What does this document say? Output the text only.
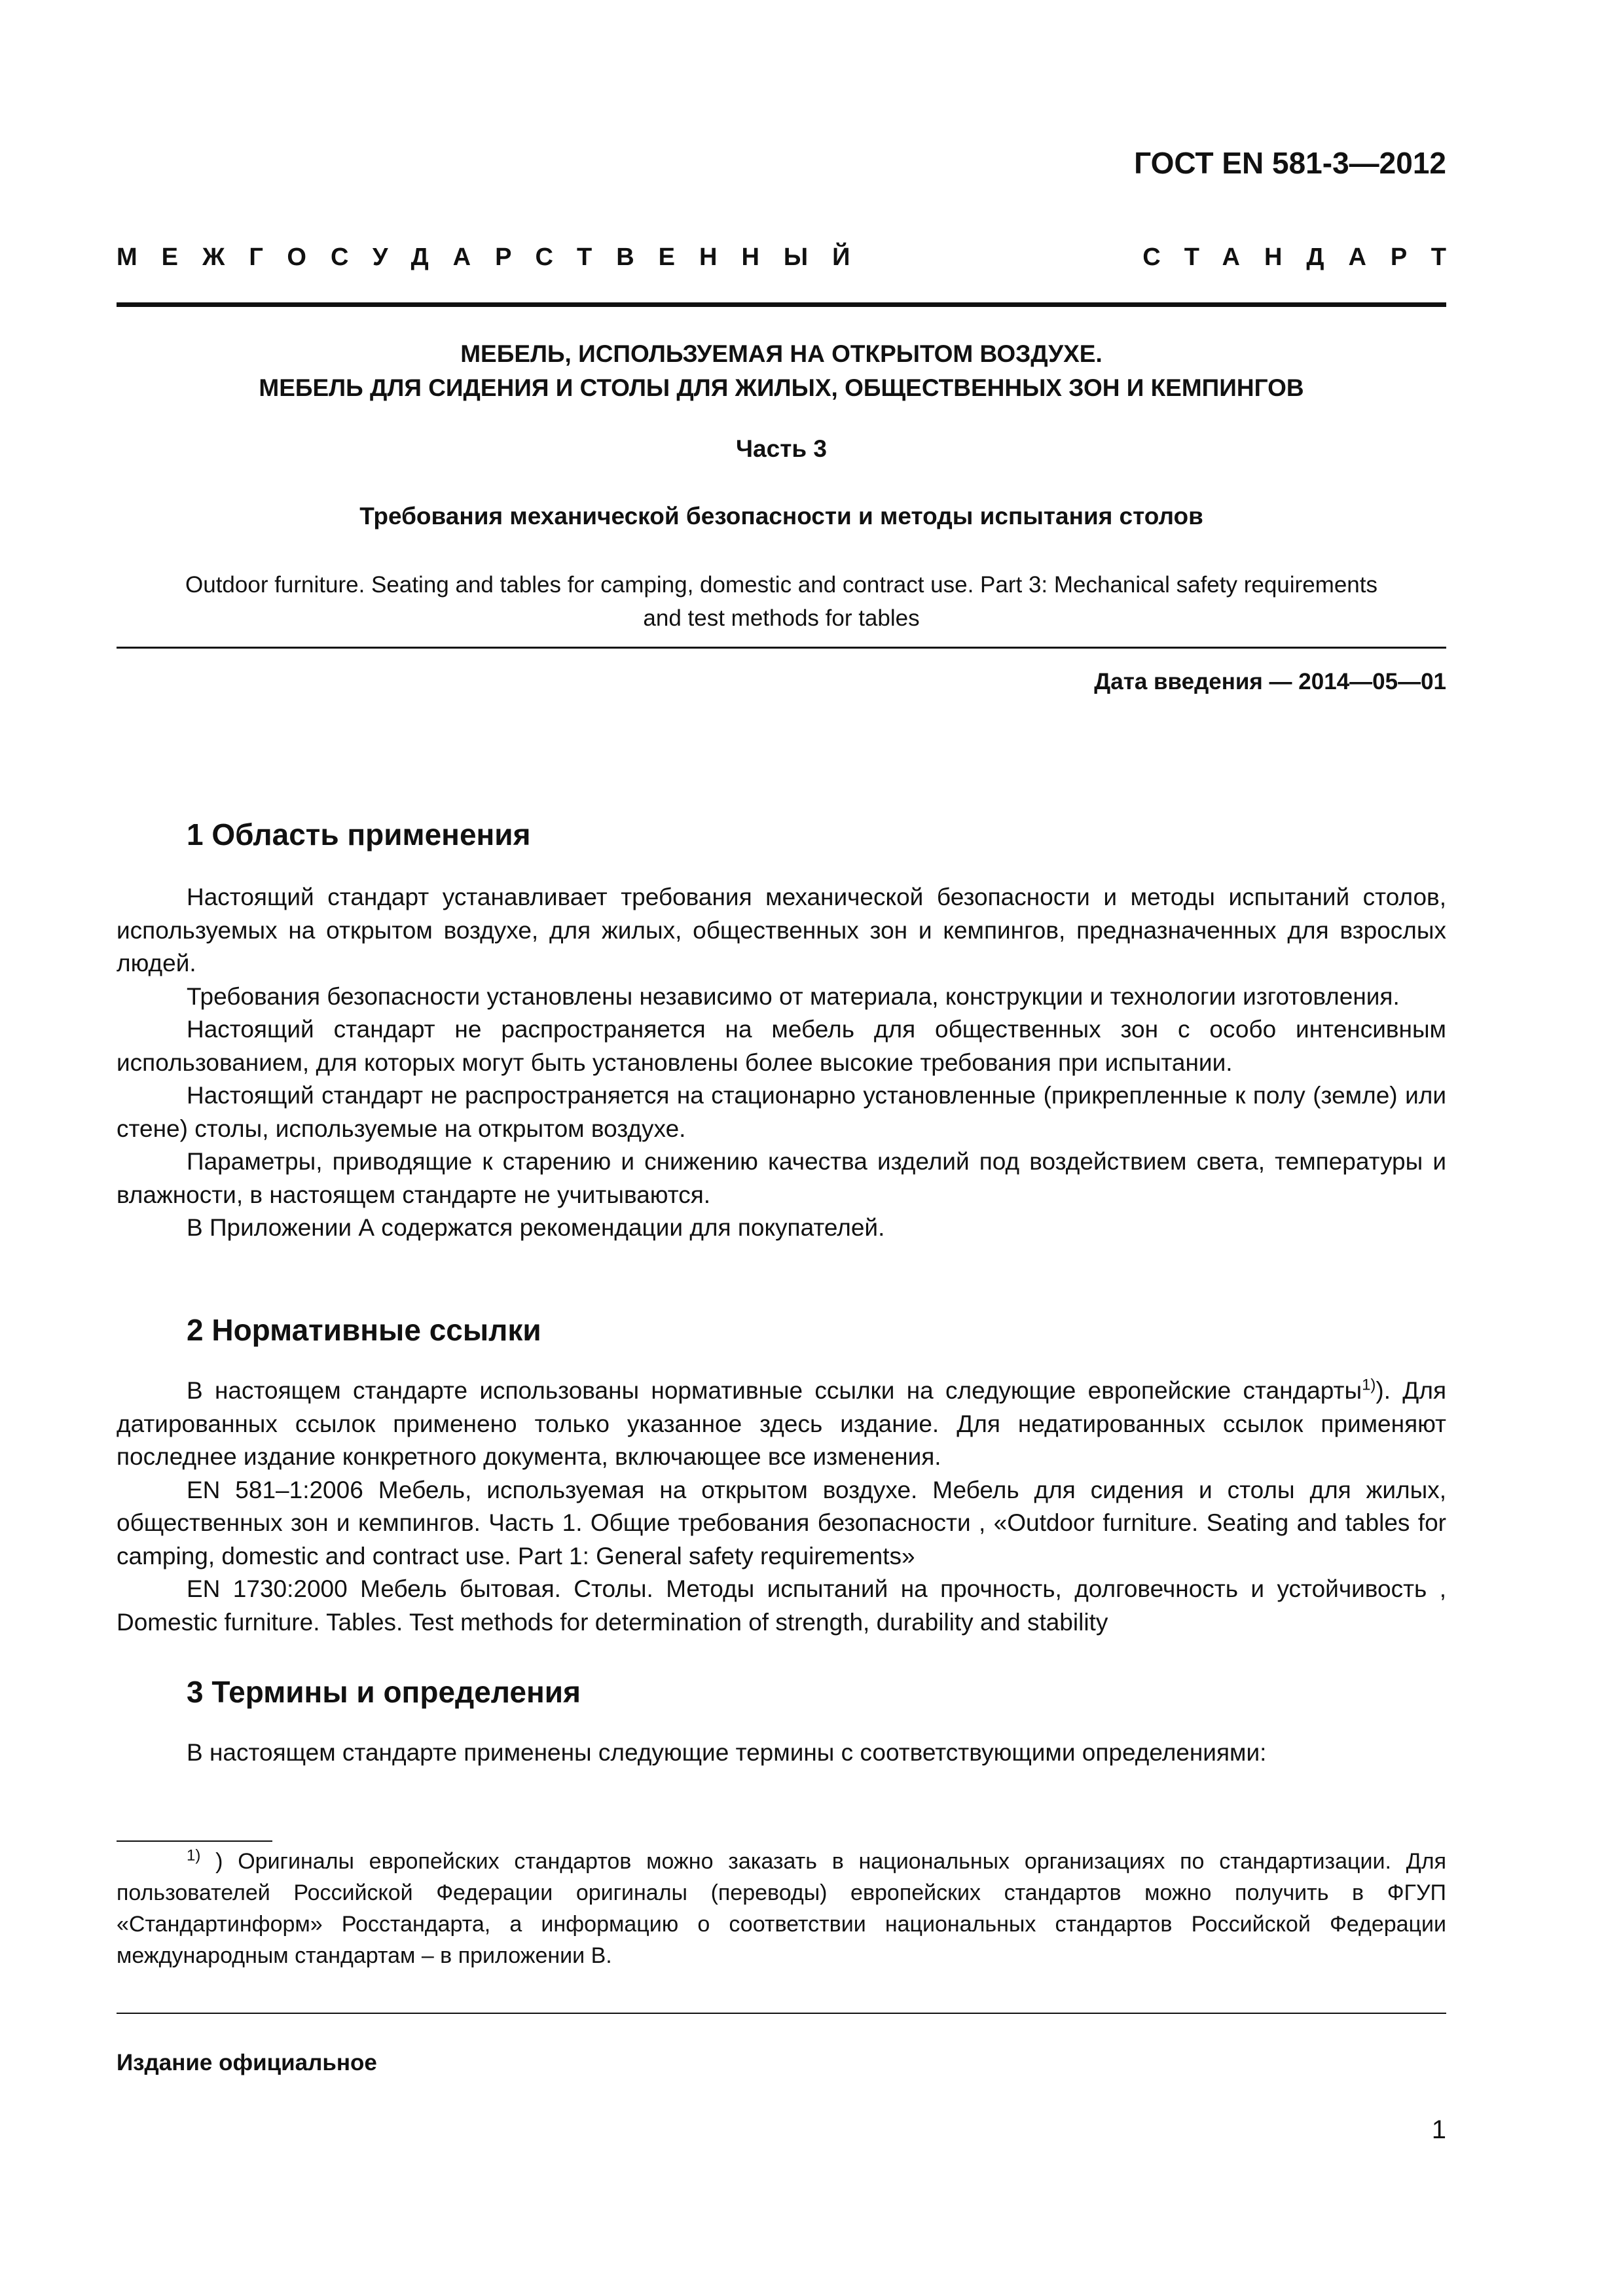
ГОСТ EN 581-3—2012
МЕЖГОСУДАРСТВЕННЫЙ	СТАНДАРТ
МЕБЕЛЬ, ИСПОЛЬЗУЕМАЯ НА ОТКРЫТОМ ВОЗДУХЕ.
МЕБЕЛЬ ДЛЯ СИДЕНИЯ И СТОЛЫ ДЛЯ ЖИЛЫХ, ОБЩЕСТВЕННЫХ ЗОН И КЕМПИНГОВ
Часть 3
Требования механической безопасности и методы испытания столов
Outdoor furniture. Seating and tables for camping, domestic and contract use. Part 3: Mechanical safety requirements
and test methods for tables
Дата введения — 2014—05—01
1 Область применения

Настоящий стандарт устанавливает требования механической безопасности и методы испытаний столов, используемых на открытом воздухе, для жилых, общественных зон и кемпингов, предназначенных для взрослых людей.

Требования безопасности установлены независимо от материала, конструкции и технологии изготовления.

Настоящий стандарт не распространяется на мебель для общественных зон с особо интенсивным использованием, для которых могут быть установлены более высокие требования при испытании.

Настоящий стандарт не распространяется на стационарно установленные (прикрепленные к полу (земле) или стене) столы, используемые на открытом воздухе.

Параметры, приводящие к старению и снижению качества изделий под воздействием света, температуры и влажности, в настоящем стандарте не учитываются.

В Приложении А содержатся рекомендации для покупателей.

2 Нормативные ссылки

В настоящем стандарте использованы нормативные ссылки на следующие европейские стандарты$^{1)}$). Для датированных ссылок применено только указанное здесь издание. Для недатированных ссылок применяют последнее издание конкретного документа, включающее все изменения.

EN 581–1:2006 Мебель, используемая на открытом воздухе. Мебель для сидения и столы для жилых, общественных зон и кемпингов. Часть 1. Общие требования безопасности , «Outdoor furniture. Seating and tables for camping, domestic and contract use. Part 1: General safety requirements»

EN 1730:2000 Мебель бытовая. Столы. Методы испытаний на прочность, долговечность и устойчивость , Domestic furniture. Tables. Test methods for determination of strength, durability and stability

3 Термины и определения

В настоящем стандарте применены следующие термины с соответствующими определениями:

$^{1)}$ ) Оригиналы европейских стандартов можно заказать в национальных организациях по стандартизации. Для пользователей Российской Федерации оригиналы (переводы) европейских стандартов можно получить в ФГУП «Стандартинформ» Росстандарта, а информацию о соответствии национальных стандартов Российской Федерации международным стандартам – в приложении В.
Издание официальное
1
